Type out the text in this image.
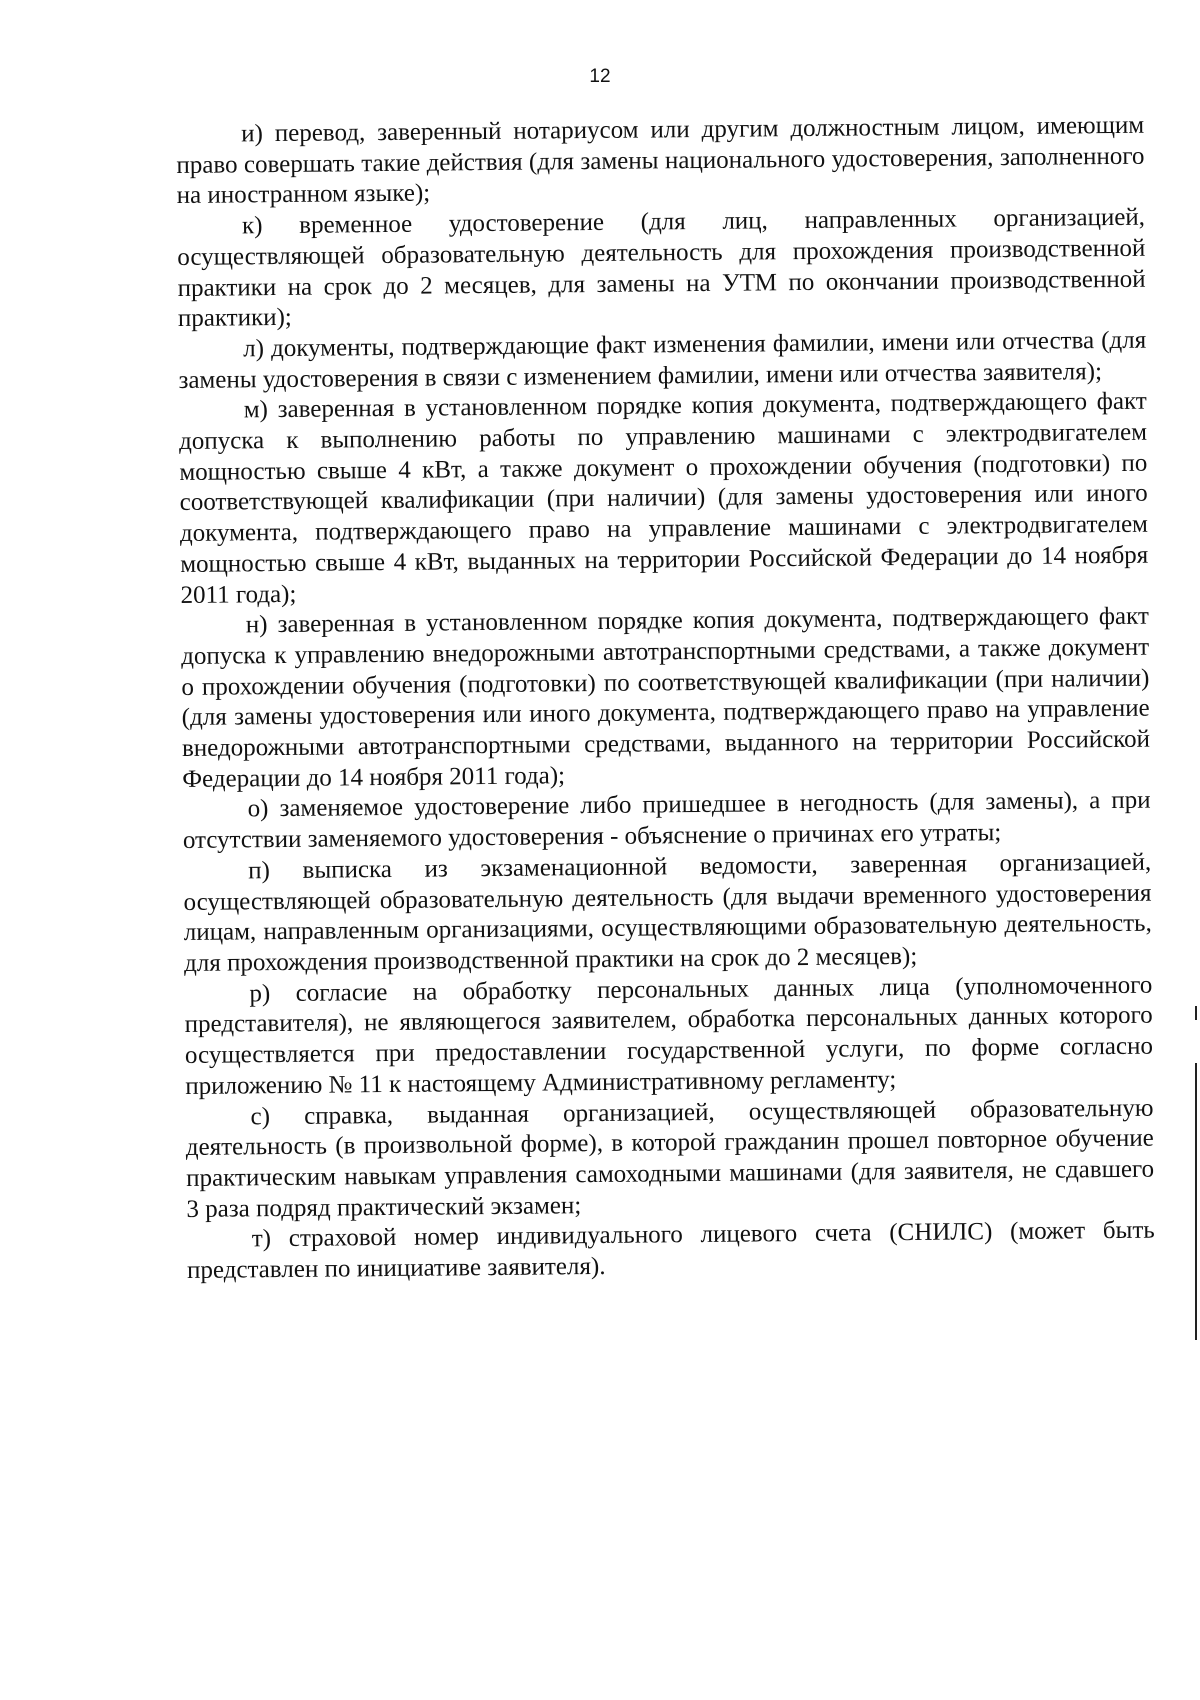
12

и) перевод, заверенный нотариусом или другим должностным лицом, имеющим право совершать такие действия (для замены национального удостоверения, заполненного на иностранном языке);

к) временное удостоверение (для лиц, направленных организацией, осуществляющей образовательную деятельность для прохождения производственной практики на срок до 2 месяцев, для замены на УТМ по окончании производственной практики);

л) документы, подтверждающие факт изменения фамилии, имени или отчества (для замены удостоверения в связи с изменением фамилии, имени или отчества заявителя);

м) заверенная в установленном порядке копия документа, подтверждающего факт допуска к выполнению работы по управлению машинами с электродвигателем мощностью свыше 4 кВт, а также документ о прохождении обучения (подготовки) по соответствующей квалификации (при наличии) (для замены удостоверения или иного документа, подтверждающего право на управление машинами с электродвигателем мощностью свыше 4 кВт, выданных на территории Российской Федерации до 14 ноября 2011 года);

н) заверенная в установленном порядке копия документа, подтверждающего факт допуска к управлению внедорожными автотранспортными средствами, а также документ о прохождении обучения (подготовки) по соответствующей квалификации (при наличии) (для замены удостоверения или иного документа, подтверждающего право на управление внедорожными автотранспортными средствами, выданного на территории Российской Федерации до 14 ноября 2011 года);

о) заменяемое удостоверение либо пришедшее в негодность (для замены), а при отсутствии заменяемого удостоверения - объяснение о причинах его утраты;

п) выписка из экзаменационной ведомости, заверенная организацией, осуществляющей образовательную деятельность (для выдачи временного удостоверения лицам, направленным организациями, осуществляющими образовательную деятельность, для прохождения производственной практики на срок до 2 месяцев);

р) согласие на обработку персональных данных лица (уполномоченного представителя), не являющегося заявителем, обработка персональных данных которого осуществляется при предоставлении государственной услуги, по форме согласно приложению № 11 к настоящему Административному регламенту;

с) справка, выданная организацией, осуществляющей образовательную деятельность (в произвольной форме), в которой гражданин прошел повторное обучение практическим навыкам управления самоходными машинами (для заявителя, не сдавшего 3 раза подряд практический экзамен;

т) страховой номер индивидуального лицевого счета (СНИЛС) (может быть представлен по инициативе заявителя).
